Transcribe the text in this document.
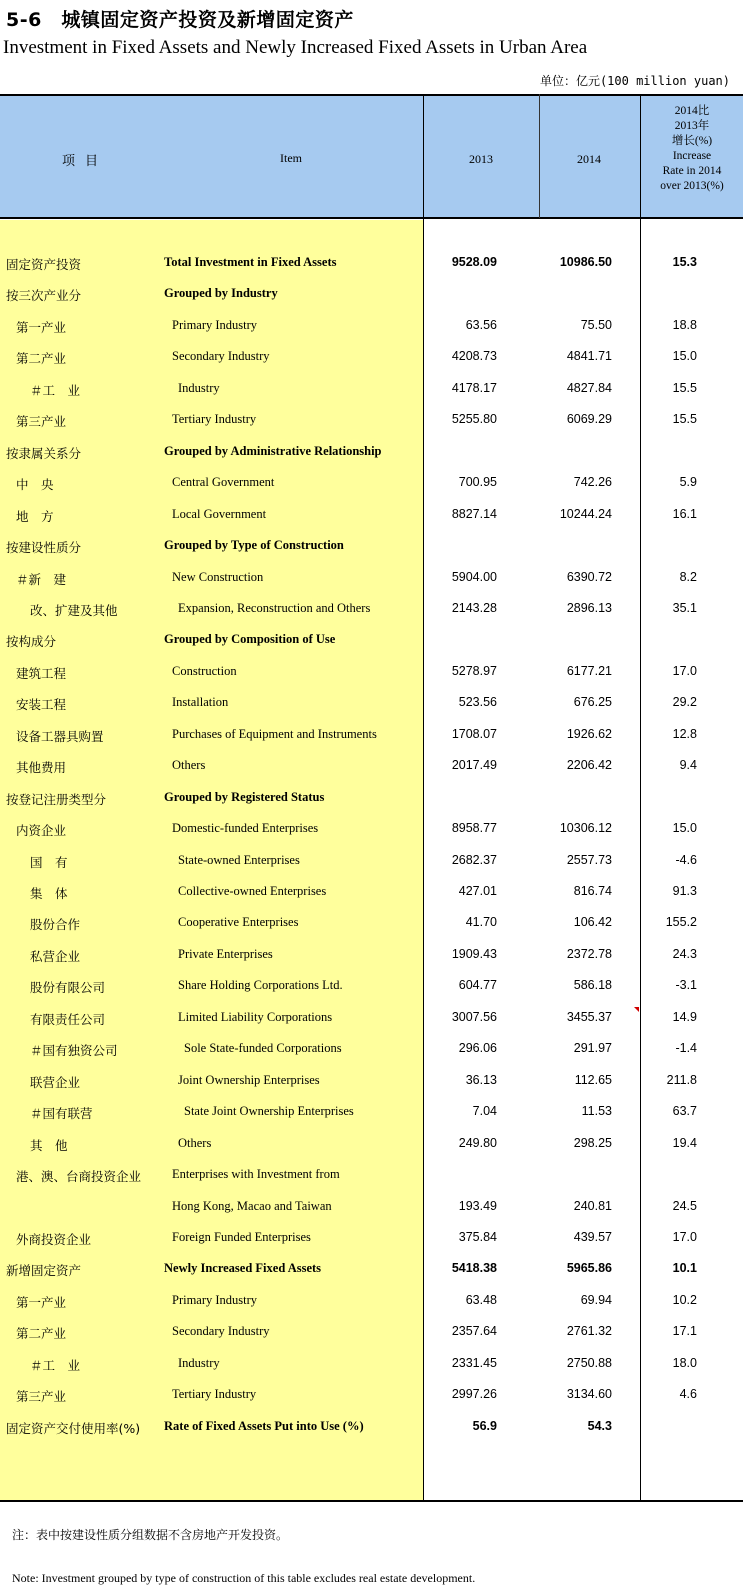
5-6　城镇固定资产投资及新增固定资产
Investment in Fixed Assets and Newly Increased Fixed Assets in Urban Area
单位：亿元(100 million yuan)
项目	Item	2013	2014
2014比
2013年
增长(%)
Increase
Rate in 2014
over 2013(%)
固定资产投资	Total Investment in Fixed Assets	9528.09	10986.50	15.3
按三次产业分	Grouped by Industry
第一产业	Primary Industry	63.56	75.50	18.8
第二产业	Secondary Industry	4208.73	4841.71	15.0
＃工　业	Industry	4178.17	4827.84	15.5
第三产业	Tertiary Industry	5255.80	6069.29	15.5
按隶属关系分	Grouped by Administrative Relationship
中　央	Central Government	700.95	742.26	5.9
地　方	Local Government	8827.14	10244.24	16.1
按建设性质分	Grouped by Type of Construction
＃新　建	New Construction	5904.00	6390.72	8.2
改、扩建及其他	Expansion, Reconstruction and Others	2143.28	2896.13	35.1
按构成分	Grouped by Composition of Use
建筑工程	Construction	5278.97	6177.21	17.0
安装工程	Installation	523.56	676.25	29.2
设备工器具购置	Purchases of Equipment and Instruments	1708.07	1926.62	12.8
其他费用	Others	2017.49	2206.42	9.4
按登记注册类型分	Grouped by Registered Status
内资企业	Domestic-funded Enterprises	8958.77	10306.12	15.0
国　有	State-owned Enterprises	2682.37	2557.73	-4.6
集　体	Collective-owned Enterprises	427.01	816.74	91.3
股份合作	Cooperative Enterprises	41.70	106.42	155.2
私营企业	Private Enterprises	1909.43	2372.78	24.3
股份有限公司	Share Holding Corporations Ltd.	604.77	586.18	-3.1
有限责任公司	Limited Liability Corporations	3007.56	3455.37	14.9
＃国有独资公司	Sole State-funded Corporations	296.06	291.97	-1.4
联营企业	Joint Ownership Enterprises	36.13	112.65	211.8
＃国有联营	State Joint Ownership Enterprises	7.04	11.53	63.7
其　他	Others	249.80	298.25	19.4
港、澳、台商投资企业 Enterprises with Investment from
Hong Kong, Macao and Taiwan	193.49	240.81	24.5
外商投资企业	Foreign Funded Enterprises	375.84	439.57	17.0
新增固定资产	Newly Increased Fixed Assets	5418.38	5965.86	10.1
第一产业	Primary Industry	63.48	69.94	10.2
第二产业	Secondary Industry	2357.64	2761.32	17.1
＃工　业	Industry	2331.45	2750.88	18.0
第三产业	Tertiary Industry	2997.26	3134.60	4.6
固定资产交付使用率(%) Rate of Fixed Assets Put into Use (%)	56.9	54.3
注：表中按建设性质分组数据不含房地产开发投资。
Note: Investment grouped by type of construction of this table excludes real estate development.
